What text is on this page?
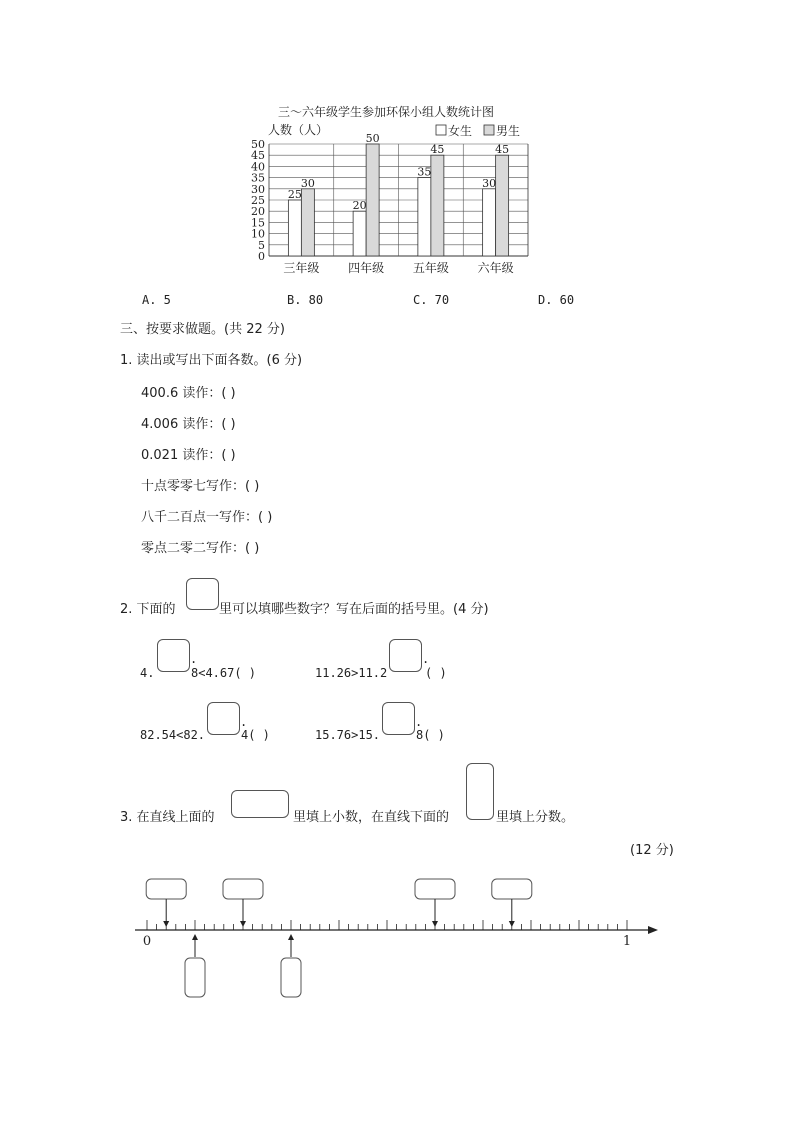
三～六年级学生参加环保小组人数统计图
人数（人）	女生 男生
0
5
10
15
20
25
30
35
40
45
50
25
30
三年级
20
50
四年级
35
45
五年级
30
45
六年级
A. 5	B. 80	C. 70	D. 60
三、按要求做题。(共 22 分)
1. 读出或写出下面各数。(6 分)
400.6 读作：( )
4.006 读作：( )
0.021 读作：( )
十点零零七写作：( )
八千二百点一写作：( )
零点二零二写作：( )
2. 下面的	里可以填哪些数字？写在后面的括号里。(4 分)
4.
.
8<4.67( )	11.26>11.2
.
( )
82.54<82.
.
4( )	15.76>15.
.
8( )
3. 在直线上面的	里填上小数，在直线下面的	里填上分数。
(12 分)
0	1
